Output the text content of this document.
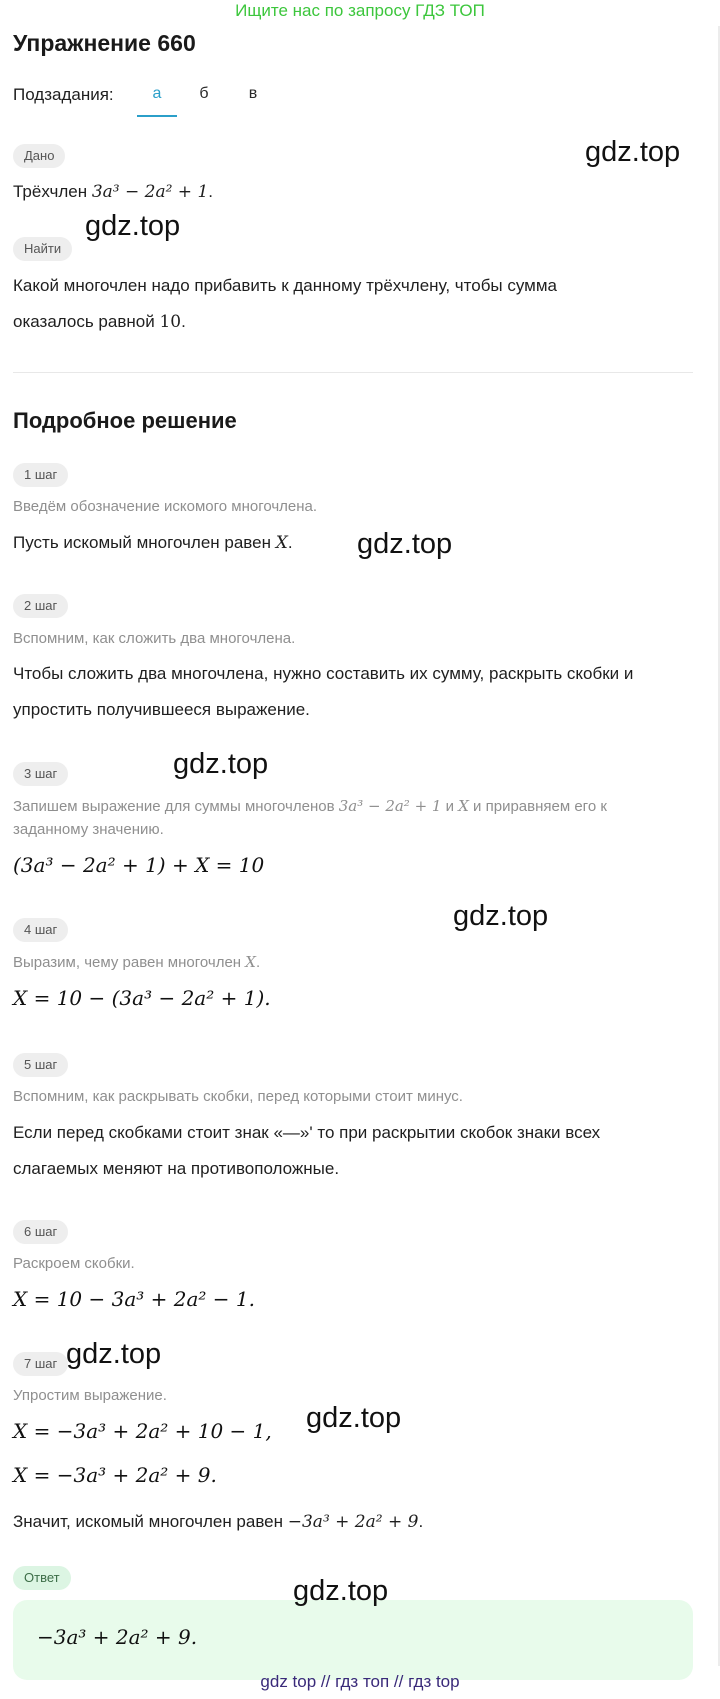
Ищите нас по запросу ГДЗ ТОП
Упражнение 660
Подзадания:	а	б	в
Дано
Трёхчлен 3a³ − 2a² + 1.
Найти
Какой многочлен надо прибавить к данному трёхчлену, чтобы сумма
оказалось равной 10.
Подробное решение
1 шаг
Введём обозначение искомого многочлена.
Пусть искомый многочлен равен X.
2 шаг
Вспомним, как сложить два многочлена.
Чтобы сложить два многочлена, нужно составить их сумму, раскрыть скобки и
упростить получившееся выражение.
3 шаг
Запишем выражение для суммы многочленов 3a³ − 2a² + 1 и X и приравняем его к
заданному значению.
(3a³ − 2a² + 1) + X = 10
4 шаг
Выразим, чему равен многочлен X.
X = 10 − (3a³ − 2a² + 1).
5 шаг
Вспомним, как раскрывать скобки, перед которыми стоит минус.
Если перед скобками стоит знак «—»' то при раскрытии скобок знаки всех
слагаемых меняют на противоположные.
6 шаг
Раскроем скобки.
X = 10 − 3a³ + 2a² − 1.
7 шаг
Упростим выражение.
X = −3a³ + 2a² + 10 − 1,
X = −3a³ + 2a² + 9.
Значит, искомый многочлен равен −3a³ + 2a² + 9.
Ответ
−3a³ + 2a² + 9.
gdz.top
gdz.top
gdz.top
gdz.top
gdz.top
gdz.top
gdz.top
gdz.top
gdz top // гдз топ // гдз top
